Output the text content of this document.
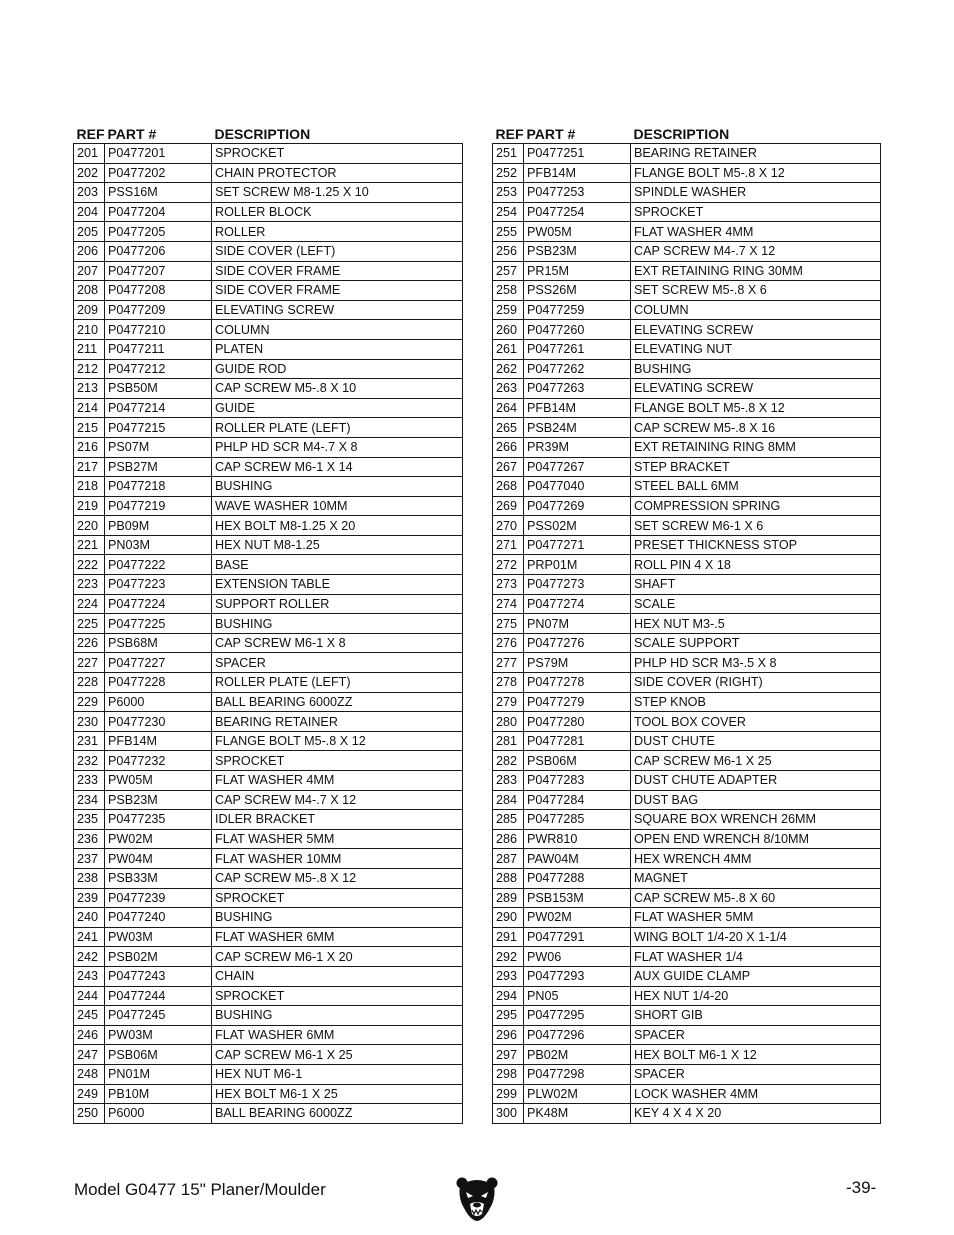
REF	PART #	DESCRIPTION
201	P0477201	SPROCKET
202	P0477202	CHAIN PROTECTOR
203	PSS16M	SET SCREW M8-1.25 X 10
204	P0477204	ROLLER BLOCK
205	P0477205	ROLLER
206	P0477206	SIDE COVER (LEFT)
207	P0477207	SIDE COVER FRAME
208	P0477208	SIDE COVER FRAME
209	P0477209	ELEVATING SCREW
210	P0477210	COLUMN
211	P0477211	PLATEN
212	P0477212	GUIDE ROD
213	PSB50M	CAP SCREW M5-.8 X 10
214	P0477214	GUIDE
215	P0477215	ROLLER PLATE (LEFT)
216	PS07M	PHLP HD SCR M4-.7 X 8
217	PSB27M	CAP SCREW M6-1 X 14
218	P0477218	BUSHING
219	P0477219	WAVE WASHER 10MM
220	PB09M	HEX BOLT M8-1.25 X 20
221	PN03M	HEX NUT M8-1.25
222	P0477222	BASE
223	P0477223	EXTENSION TABLE
224	P0477224	SUPPORT ROLLER
225	P0477225	BUSHING
226	PSB68M	CAP SCREW M6-1 X 8
227	P0477227	SPACER
228	P0477228	ROLLER PLATE (LEFT)
229	P6000	BALL BEARING 6000ZZ
230	P0477230	BEARING RETAINER
231	PFB14M	FLANGE BOLT M5-.8 X 12
232	P0477232	SPROCKET
233	PW05M	FLAT WASHER 4MM
234	PSB23M	CAP SCREW M4-.7 X 12
235	P0477235	IDLER BRACKET
236	PW02M	FLAT WASHER 5MM
237	PW04M	FLAT WASHER 10MM
238	PSB33M	CAP SCREW M5-.8 X 12
239	P0477239	SPROCKET
240	P0477240	BUSHING
241	PW03M	FLAT WASHER 6MM
242	PSB02M	CAP SCREW M6-1 X 20
243	P0477243	CHAIN
244	P0477244	SPROCKET
245	P0477245	BUSHING
246	PW03M	FLAT WASHER 6MM
247	PSB06M	CAP SCREW M6-1 X 25
248	PN01M	HEX NUT M6-1
249	PB10M	HEX BOLT M6-1 X 25
250	P6000	BALL BEARING 6000ZZ
REF	PART #	DESCRIPTION
251	P0477251	BEARING RETAINER
252	PFB14M	FLANGE BOLT M5-.8 X 12
253	P0477253	SPINDLE WASHER
254	P0477254	SPROCKET
255	PW05M	FLAT WASHER 4MM
256	PSB23M	CAP SCREW M4-.7 X 12
257	PR15M	EXT RETAINING RING 30MM
258	PSS26M	SET SCREW M5-.8 X 6
259	P0477259	COLUMN
260	P0477260	ELEVATING SCREW
261	P0477261	ELEVATING NUT
262	P0477262	BUSHING
263	P0477263	ELEVATING SCREW
264	PFB14M	FLANGE BOLT M5-.8 X 12
265	PSB24M	CAP SCREW M5-.8 X 16
266	PR39M	EXT RETAINING RING 8MM
267	P0477267	STEP BRACKET
268	P0477040	STEEL BALL 6MM
269	P0477269	COMPRESSION SPRING
270	PSS02M	SET SCREW M6-1 X 6
271	P0477271	PRESET THICKNESS STOP
272	PRP01M	ROLL PIN 4 X 18
273	P0477273	SHAFT
274	P0477274	SCALE
275	PN07M	HEX NUT M3-.5
276	P0477276	SCALE SUPPORT
277	PS79M	PHLP HD SCR M3-.5 X 8
278	P0477278	SIDE COVER (RIGHT)
279	P0477279	STEP KNOB
280	P0477280	TOOL BOX COVER
281	P0477281	DUST CHUTE
282	PSB06M	CAP SCREW M6-1 X 25
283	P0477283	DUST CHUTE ADAPTER
284	P0477284	DUST BAG
285	P0477285	SQUARE BOX WRENCH 26MM
286	PWR810	OPEN END WRENCH 8/10MM
287	PAW04M	HEX WRENCH 4MM
288	P0477288	MAGNET
289	PSB153M	CAP SCREW M5-.8 X 60
290	PW02M	FLAT WASHER 5MM
291	P0477291	WING BOLT 1/4-20 X 1-1/4
292	PW06	FLAT WASHER 1/4
293	P0477293	AUX GUIDE CLAMP
294	PN05	HEX NUT 1/4-20
295	P0477295	SHORT GIB
296	P0477296	SPACER
297	PB02M	HEX BOLT M6-1 X 12
298	P0477298	SPACER
299	PLW02M	LOCK WASHER 4MM
300	PK48M	KEY 4 X 4 X 20
Model G0477 15" Planer/Moulder	-39-
